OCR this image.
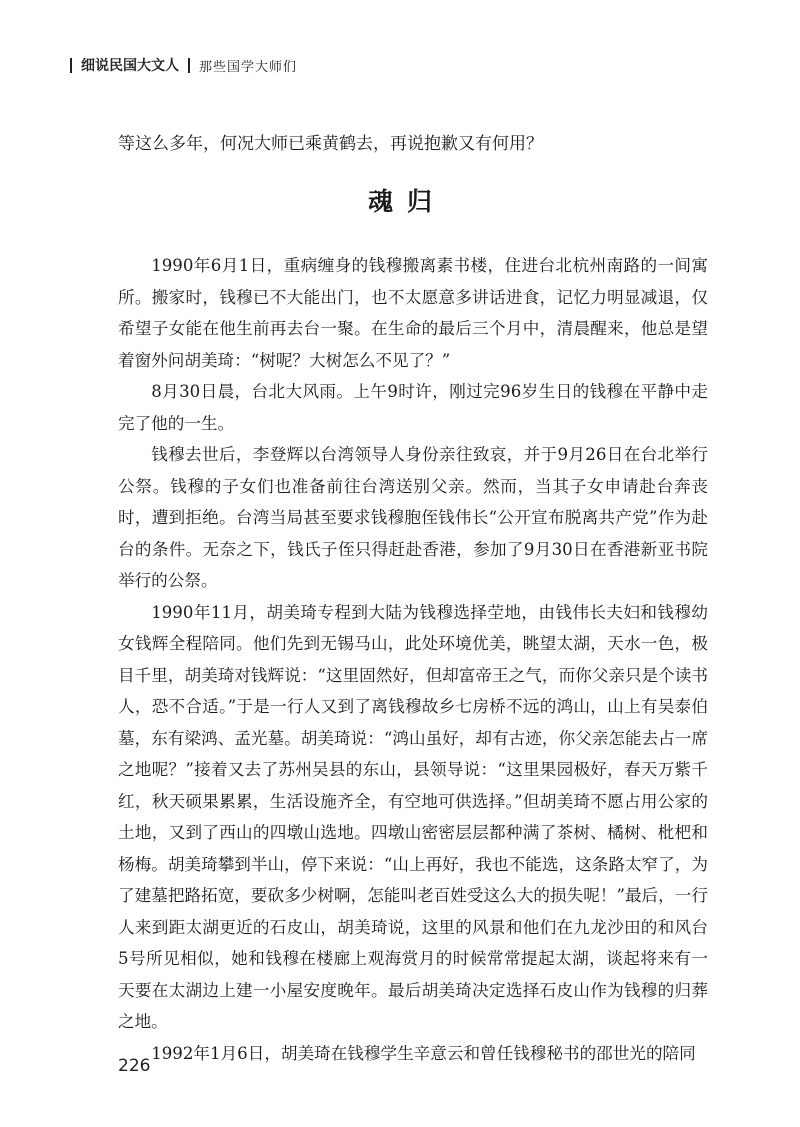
细说民国大文人 那些国学大师们
等这么多年，何况大师已乘黄鹤去，再说抱歉又有何用？
魂归

1990年6月1日，重病缠身的钱穆搬离素书楼，住进台北杭州南路的一间寓所。搬家时，钱穆已不大能出门，也不太愿意多讲话进食，记忆力明显减退，仅希望子女能在他生前再去台一聚。在生命的最后三个月中，清晨醒来，他总是望着窗外问胡美琦：“树呢？大树怎么不见了？”

8月30日晨，台北大风雨。上午9时许，刚过完96岁生日的钱穆在平静中走完了他的一生。

钱穆去世后，李登辉以台湾领导人身份亲往致哀，并于9月26日在台北举行公祭。钱穆的子女们也准备前往台湾送别父亲。然而，当其子女申请赴台奔丧时，遭到拒绝。台湾当局甚至要求钱穆胞侄钱伟长“公开宣布脱离共产党”作为赴台的条件。无奈之下，钱氏子侄只得赶赴香港，参加了9月30日在香港新亚书院举行的公祭。

1990年11月，胡美琦专程到大陆为钱穆选择茔地，由钱伟长夫妇和钱穆幼女钱辉全程陪同。他们先到无锡马山，此处环境优美，眺望太湖，天水一色，极目千里，胡美琦对钱辉说：“这里固然好，但却富帝王之气，而你父亲只是个读书人，恐不合适。”于是一行人又到了离钱穆故乡七房桥不远的鸿山，山上有吴泰伯墓，东有梁鸿、孟光墓。胡美琦说：“鸿山虽好，却有古迹，你父亲怎能去占一席之地呢？”接着又去了苏州吴县的东山，县领导说：“这里果园极好，春天万紫千红，秋天硕果累累，生活设施齐全，有空地可供选择。”但胡美琦不愿占用公家的土地，又到了西山的四墩山选地。四墩山密密层层都种满了茶树、橘树、枇杷和杨梅。胡美琦攀到半山，停下来说：“山上再好，我也不能选，这条路太窄了，为了建墓把路拓宽，要砍多少树啊，怎能叫老百姓受这么大的损失呢！”最后，一行人来到距太湖更近的石皮山，胡美琦说，这里的风景和他们在九龙沙田的和风台5号所见相似，她和钱穆在楼廊上观海赏月的时候常常提起太湖，谈起将来有一天要在太湖边上建一小屋安度晚年。最后胡美琦决定选择石皮山作为钱穆的归葬之地。

1992年1月6日，胡美琦在钱穆学生辛意云和曾任钱穆秘书的邵世光的陪同

226
